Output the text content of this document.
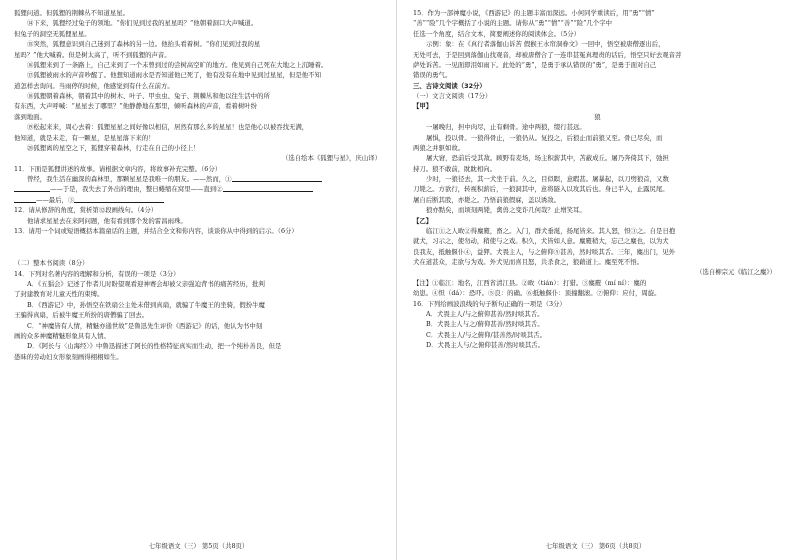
狐狸问道。但狐狸的荆棘丛不知道星星。

⑭下来，狐狸经过兔子的领地。“你们见到过我的星星吗？”他朝着洞口大声喊道。

但兔子的洞空无狐狸星星。

⑮突然，狐狸意识到自己迷到了森林的另一边。他抬头看着树。“你们见到过我的星

星吗？”他大喊着。但是树太高了，听不到狐狸的声音。

⑯狐狸来到了一条路上，自己来到了一个未曾到过的尝树高空旷的地方。他见到自己死在大地之上沉睡着。

⑰狐狸被雨水的声音吵醒了。他想知道雨水是否知道他已死了，他有没有在地中见到过星星，但是他不知

道怎样去询问。当雨停的时候，他感觉到有什么在前方。

⑱狐狸朝着森林，朝着其中的树木、叶子、甲虫虫、兔子、荆棘丛和他以往生活中的所

有东西，大声呼喊：“星星去了哪里？”他静静地在那里，倾听森林的声音，看着树叶纷

落到地面。

⑲松起来来，周心去着：狐狸星星之间好像以相信，居然有那么多的星星！也是他心以被吞找无满，

他知道，就是未走，有一颗星，是星星落下来的！

⑳狐狸离的星空之下，狐狸穿着森林，行走在自己的小径上！

（选自绘本《狐狸与星》，庆山译）

11．下面是狐狸讲述的故事。请根据文章内容，将故事补充完整。（6分）

曾经，我生活在幽深的森林里，那颗星星是我唯一的朋友。——然而，①

——于是，我失去了外出的理由，整日蜷缩在窝里——直到②

——最后，③

12．请从修辞的角度，赏析第⑫段画线句。（4分）

他请求星星去在来阿问题，他有看到那个发的雷昌雨珠。

13．请用一个词或短语概括本篇童话的主题，并结合全文和你内容，谈谈你从中得到的启示。（6分）

（二）整本书阅读（8分）

14．下列对名著内容的理解和分析，有误的一项是（3分）

A．《五猖会》记述了作者儿时盼望观看迎神赛会却被父亲强迫背书的痛苦经历，批判

了封建教育对儿童天性的束缚。

B．《西游记》中，孙悟空在铁扇公主处未借到真扇，就骗了牛魔王的坐骑，假扮牛魔

王骗得真扇，后被牛魔王所扮的唐僧骗了回去。

C．“神魔皆有人情，精魅亦通世故”是鲁迅先生评价《西游记》的话，他认为书中刻

画的众多神魔精魅形象具有人情。

D．《阿长与〈山海经〉》中鲁迅描述了阿长的性格特征真实而生动，把一个纯朴善良，但是

愚昧的劳动妇女形象刻画得栩栩如生。

七年级语文（三） 第5页（共8页）

15．作为一部神魔小说，《西游记》的主题丰富而深远。小何同学重读后，用“勇”“情”

“善”“险”几个字概括了小说的主题。请你从“勇”“情”“善”“险”几个字中

任选一个角度，结合文本，简要阐述你的阅读体会。（5分）

示例：象：在《真行者落伽山诉苦 假猴王水帘洞眷文》一回中，悟空被唐僧逐出后，

无处可去，于是回到落伽山找观音，却被唐僧合了一连串甚冤真理责的话后，悟空只好去观音菩

萨处诉苦。一见面即泪如雨下。此处的“勇”，是勇于承认错误的“勇”，是勇于面对自己

错误的勇气。

三、古诗文阅读（32分）

（一）文言文阅读（17分）

【甲】

狼

一屠晚归，担中肉尽，止有剩骨。途中两狼，缀行甚远。

屠惧，投以骨。一狼得骨止，一狼仍从。复投之，后狼止而前狼又至。骨已尽矣，而

两狼之并驱如故。

屠大窘，恐前后受其敌。顾野有麦场，场主积薪其中，苫蔽成丘。屠乃奔倚其下，弛担

持刀。狼不敢前，眈眈相向。

少时，一狼径去，其一犬坐于前。久之，目似瞑，意暇甚。屠暴起，以刀劈狼首，又数

刀毙之。方欲行，转视积薪后，一狼洞其中，意将隧入以攻其后也。身已半入，止露尻尾。

屠自后断其股，亦毙之。乃悟前狼假寐，盖以诱敌。

狼亦黠矣，而顷刻两毙，禽兽之变诈几何哉？止增笑耳。

【乙】

临江①之人畋②得麋麑，畜之。入门，群犬垂涎，扬尾皆来。其人怒，怛③之。自是日抱

就犬，习示之，使勿动，稍使与之戏。积久，犬皆如人意。麋麑稍大，忘己之麋也，以为犬

良我友，抵触偃仆④，益狎。犬畏主人，与之俯仰⑤甚善，然时啖其舌。三年，麋出门，见外

犬在道甚众，走欲与为戏。外犬见而喜且怒，共杀食之，狼藉道上。麋至死不悟。

（选自柳宗元《临江之麋》）

【注】①临江：地名，江西省清江县。②畋（tián）：打猎。③麋麑（mí ní）：麋的

幼崽。④怛（dá）：恐吓。⑤良：的确。⑥抵触偃仆：顶撞翻滚。⑦俯仰：应付，周旋。

16．下列给画波浪线的句子断句正确的一项是（3分）

A．犬畏主人/与之俯仰甚善/然时啖其舌。

B．犬畏主人与之/俯仰甚善/然时啖其舌。

C．犬畏主人/与之俯仰/甚善然/时啖其舌。

D．犬畏主人与/之俯仰甚善/然时啖其舌。

七年级语文（三） 第6页（共8页）
